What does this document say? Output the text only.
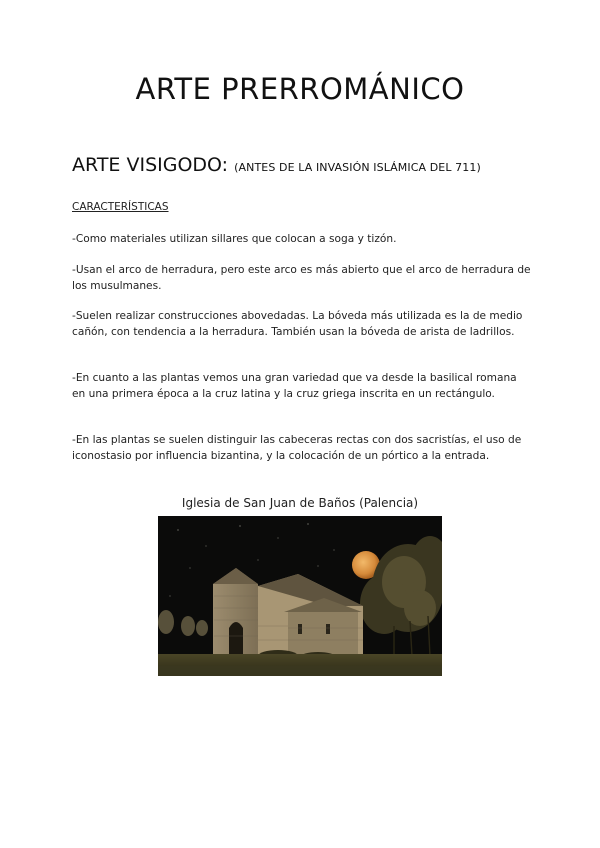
ARTE PRERROMÁNICO
ARTE VISIGODO: (ANTES DE LA INVASIÓN ISLÁMICA DEL 711)
CARACTERÍSTICAS

-Como materiales utilizan sillares que colocan a soga y tizón.

-Usan el arco de herradura, pero este arco es más abierto que el arco de herradura de los musulmanes.

-Suelen realizar construcciones abovedadas. La bóveda más utilizada es la de medio cañón, con tendencia a la herradura. También usan la bóveda de arista de ladrillos.

-En cuanto a las plantas vemos una gran variedad que va desde la basilical romana en una primera época a la cruz latina y la cruz griega inscrita en un rectángulo.

-En las plantas se suelen distinguir las cabeceras rectas con dos sacristías, el uso de iconostasio por influencia bizantina, y la colocación de un pórtico a la entrada.

Iglesia de San Juan de Baños (Palencia)
